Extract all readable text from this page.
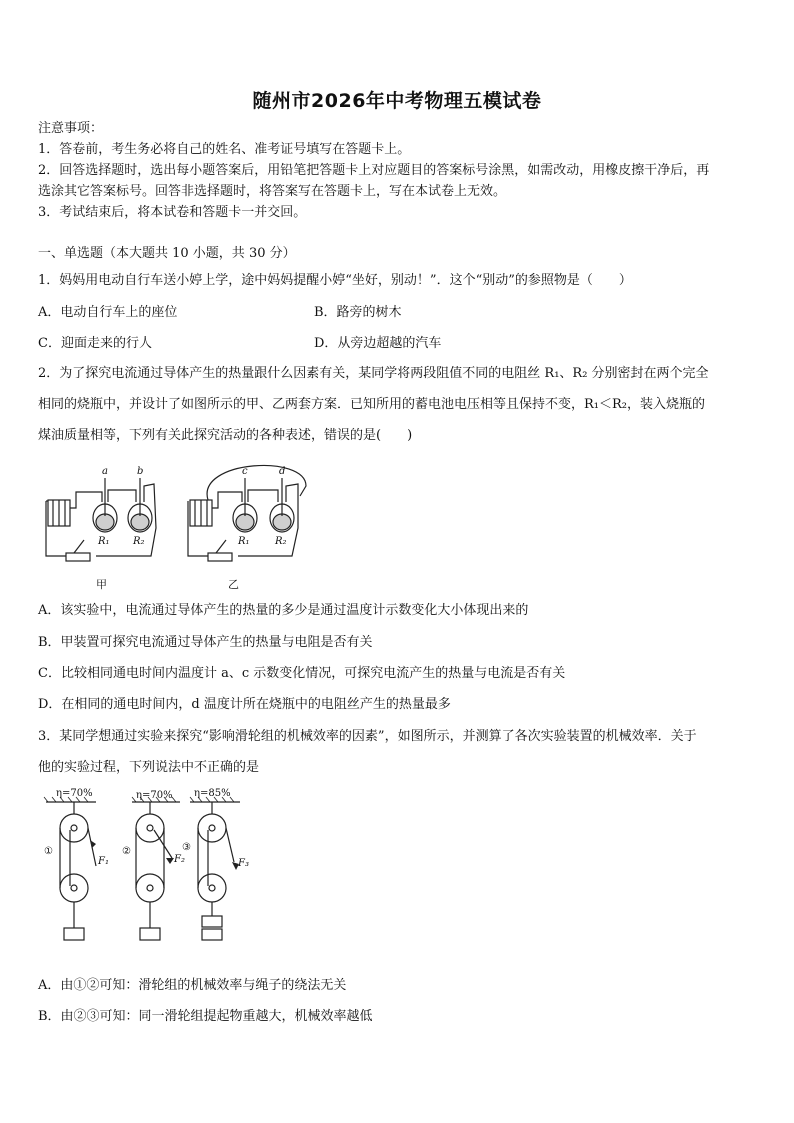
随州市2026年中考物理五模试卷
注意事项：
1．答卷前，考生务必将自己的姓名、准考证号填写在答题卡上。
2．回答选择题时，选出每小题答案后，用铅笔把答题卡上对应题目的答案标号涂黑，如需改动，用橡皮擦干净后，再
选涂其它答案标号。回答非选择题时，将答案写在答题卡上，写在本试卷上无效。
3．考试结束后，将本试卷和答题卡一并交回。
一、单选题（本大题共 10 小题，共 30 分）
1．妈妈用电动自行车送小婷上学，途中妈妈提醒小婷“坐好，别动！”．这个“别动”的参照物是（　　）
A．电动自行车上的座位	B．路旁的树木
C．迎面走来的行人	D．从旁边超越的汽车
2．为了探究电流通过导体产生的热量跟什么因素有关，某同学将两段阻值不同的电阻丝 R₁、R₂ 分别密封在两个完全
相同的烧瓶中，并设计了如图所示的甲、乙两套方案．已知所用的蓄电池电压相等且保持不变，R₁＜R₂，装入烧瓶的
煤油质量相等，下列有关此探究活动的各种表述，错误的是(　　)
a	b	c	d
R₁ R₂	R₁	R₂
甲	乙
A．该实验中，电流通过导体产生的热量的多少是通过温度计示数变化大小体现出来的
B．甲装置可探究电流通过导体产生的热量与电阻是否有关
C．比较相同通电时间内温度计 a、c 示数变化情况，可探究电流产生的热量与电流是否有关
D．在相同的通电时间内，d 温度计所在烧瓶中的电阻丝产生的热量最多
3．某同学想通过实验来探究“影响滑轮组的机械效率的因素”，如图所示，并测算了各次实验装置的机械效率．关于
他的实验过程，下列说法中不正确的是
η=70%	η=70% η=85%
①	②	③
F₁	F₂	F₃
A．由①②可知：滑轮组的机械效率与绳子的绕法无关
B．由②③可知：同一滑轮组提起物重越大，机械效率越低
